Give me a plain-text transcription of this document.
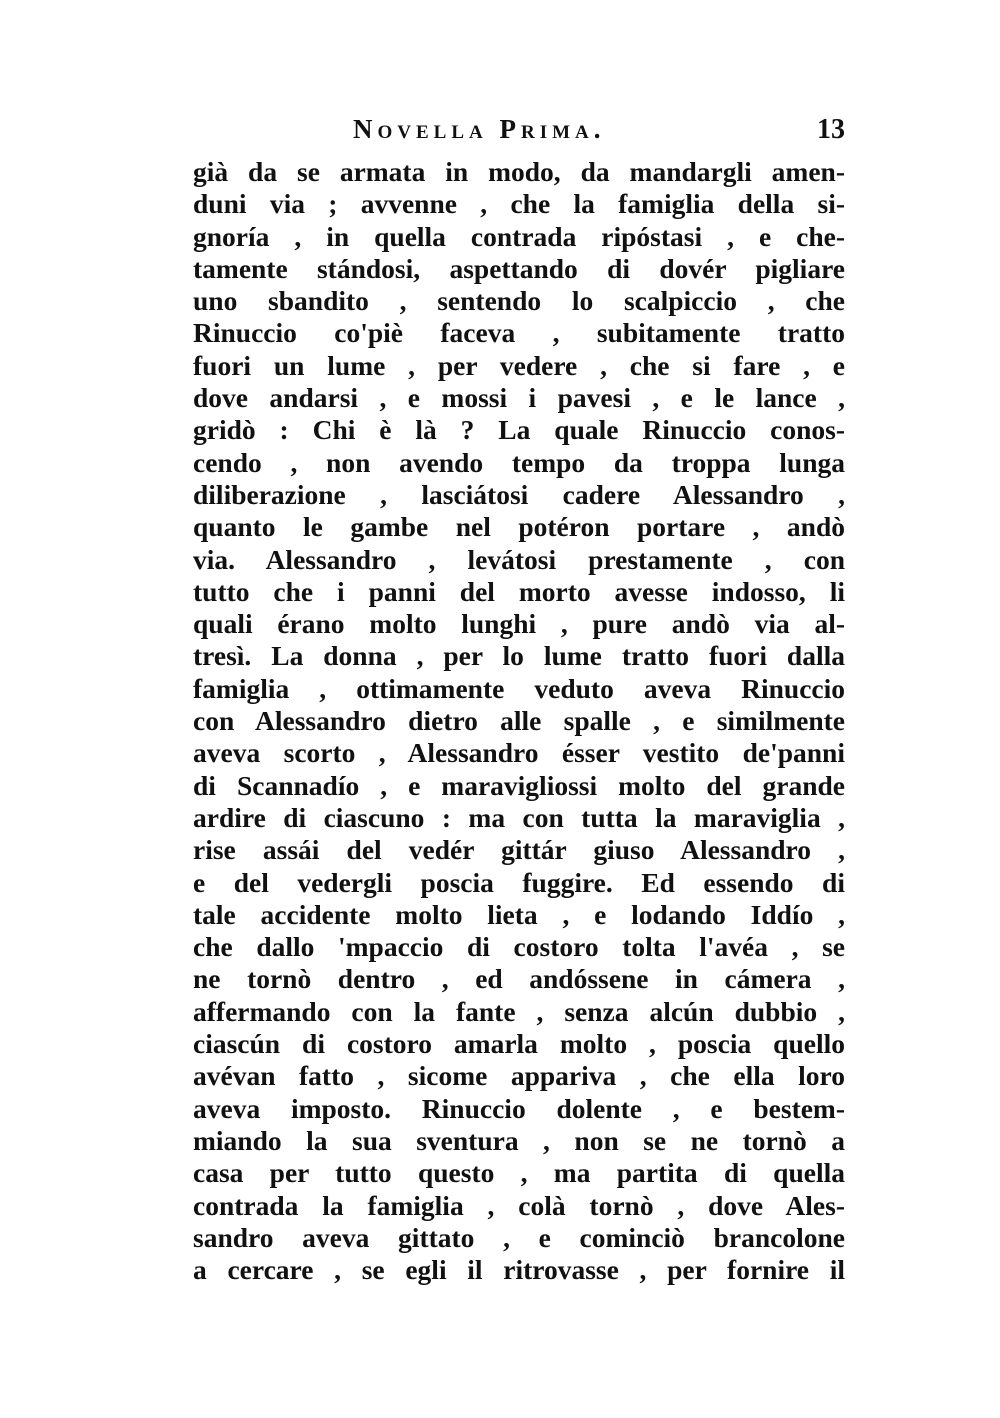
Novella Prima.	13
già da se armata in modo, da mandargli amen-
duni via ; avvenne , che la famiglia della si-
gnoría , in quella contrada ripóstasi , e che-
tamente stándosi, aspettando di dovér pigliare
uno sbandito , sentendo lo scalpiccio , che
Rinuccio co'piè faceva , subitamente tratto
fuori un lume , per vedere , che si fare , e
dove andarsi , e mossi i pavesi , e le lance ,
gridò : Chi è là ? La quale Rinuccio conos-
cendo , non avendo tempo da troppa lunga
diliberazione , lasciátosi cadere Alessandro ,
quanto le gambe nel potéron portare , andò
via. Alessandro , levátosi prestamente , con
tutto che i panni del morto avesse indosso, li
quali érano molto lunghi , pure andò via al-
tresì. La donna , per lo lume tratto fuori dalla
famiglia , ottimamente veduto aveva Rinuccio
con Alessandro dietro alle spalle , e similmente
aveva scorto , Alessandro ésser vestito de'panni
di Scannadío , e maravigliossi molto del grande
ardire di ciascuno : ma con tutta la maraviglia ,
rise assái del vedér gittár giuso Alessandro ,
e del vedergli poscia fuggire. Ed essendo di
tale accidente molto lieta , e lodando Iddío ,
che dallo 'mpaccio di costoro tolta l'avéa , se
ne tornò dentro , ed andóssene in cámera ,
affermando con la fante , senza alcún dubbio ,
ciascún di costoro amarla molto , poscia quello
avévan fatto , sicome appariva , che ella loro
aveva imposto. Rinuccio dolente , e bestem-
miando la sua sventura , non se ne tornò a
casa per tutto questo , ma partita di quella
contrada la famiglia , colà tornò , dove Ales-
sandro aveva gittato , e cominciò brancolone
a cercare , se egli il ritrovasse , per fornire il
